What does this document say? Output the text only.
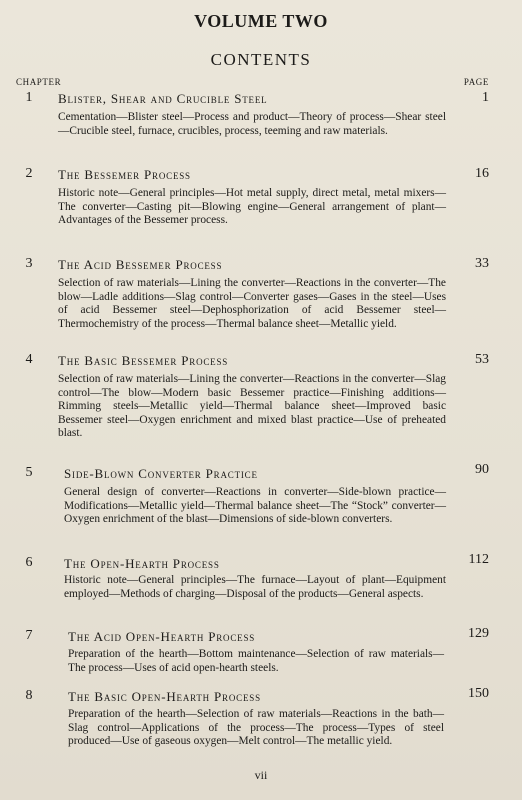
VOLUME TWO
CONTENTS
CHAPTER	PAGE
1	Blister, Shear and Crucible Steel	1

Cementation—Blister steel—Process and product—Theory of process—Shear steel—Crucible steel, furnace, crucibles, process, teeming and raw materials.

2	The Bessemer Process	16

Historic note—General principles—Hot metal supply, direct metal, metal mixers—The converter—Casting pit—Blowing engine—General arrangement of plant—Advantages of the Bessemer process.

3	The Acid Bessemer Process	33

Selection of raw materials—Lining the converter—Reactions in the converter—The blow—Ladle additions—Slag control—Converter gases—Gases in the steel—Uses of acid Bessemer steel—Dephosphorization of acid Bessemer steel—Thermochemistry of the process—Thermal balance sheet—Metallic yield.

4	The Basic Bessemer Process	53

Selection of raw materials—Lining the converter—Reactions in the converter—Slag control—The blow—Modern basic Bessemer practice—Finishing additions—Rimming steels—Metallic yield—Thermal balance sheet—Improved basic Bessemer steel—Oxygen enrichment and mixed blast practice—Use of preheated blast.

5	Side-Blown Converter Practice	90

General design of converter—Reactions in converter—Side-blown practice—Modifications—Metallic yield—Thermal balance sheet—The “Stock” converter—Oxygen enrichment of the blast—Dimensions of side-blown converters.

6	The Open-Hearth Process	112

Historic note—General principles—The furnace—Layout of plant—Equipment employed—Methods of charging—Disposal of the products—General aspects.

7	The Acid Open-Hearth Process	129

Preparation of the hearth—Bottom maintenance—Selection of raw materials—The process—Uses of acid open-hearth steels.

8	The Basic Open-Hearth Process	150

Preparation of the hearth—Selection of raw materials—Reactions in the bath—Slag control—Applications of the process—The process—Types of steel produced—Use of gaseous oxygen—Melt control—The metallic yield.

vii
